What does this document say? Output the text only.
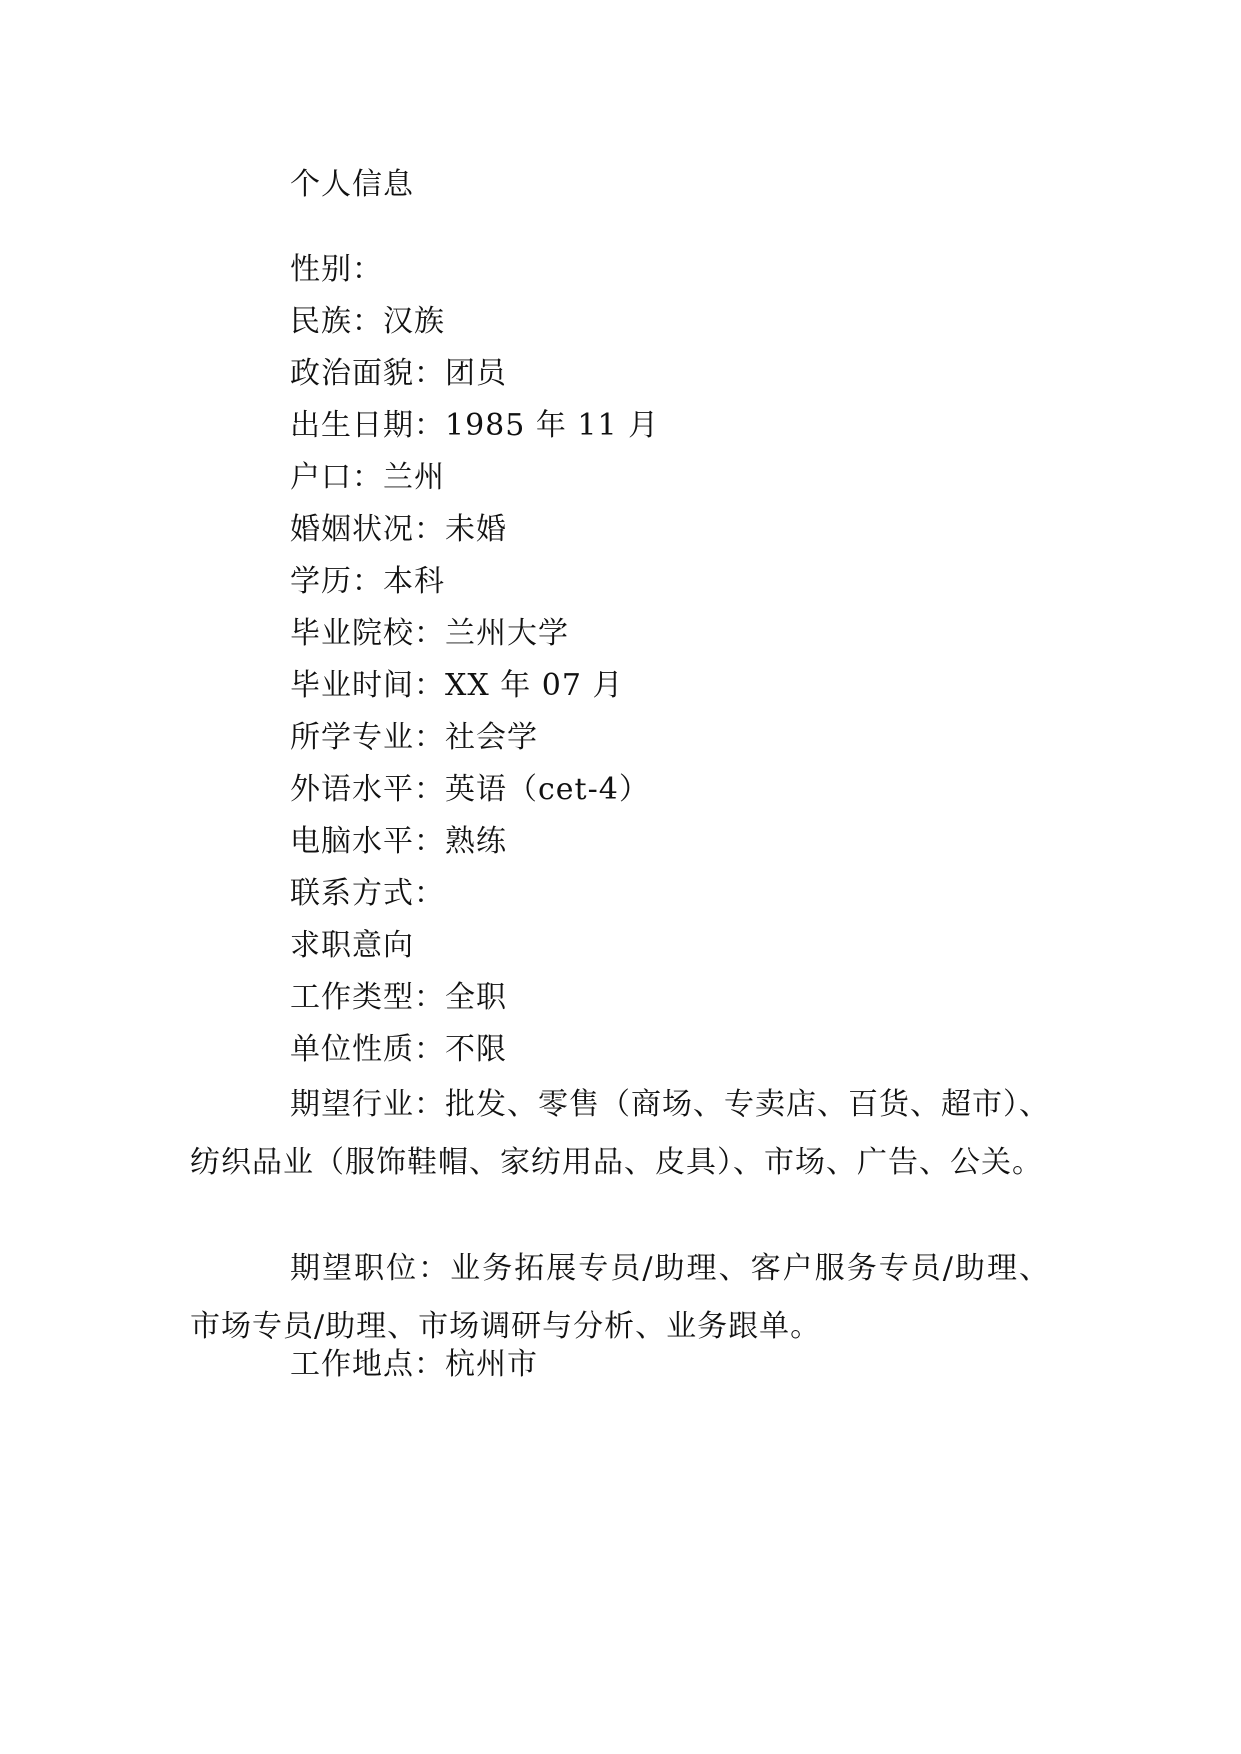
个人信息
性别：
民族：汉族
政治面貌：团员
出生日期：1985 年 11 月
户口：兰州
婚姻状况：未婚
学历：本科
毕业院校：兰州大学
毕业时间：XX 年 07 月
所学专业：社会学
外语水平：英语（cet-4）
电脑水平：熟练
联系方式：
求职意向
工作类型：全职
单位性质：不限
期望行业：批发、零售（商场、专卖店、百货、超市）、纺织品业（服饰鞋帽、家纺用品、皮具）、市场、广告、公关。
期望职位：业务拓展专员/助理、客户服务专员/助理、市场专员/助理、市场调研与分析、业务跟单。
工作地点：杭州市
